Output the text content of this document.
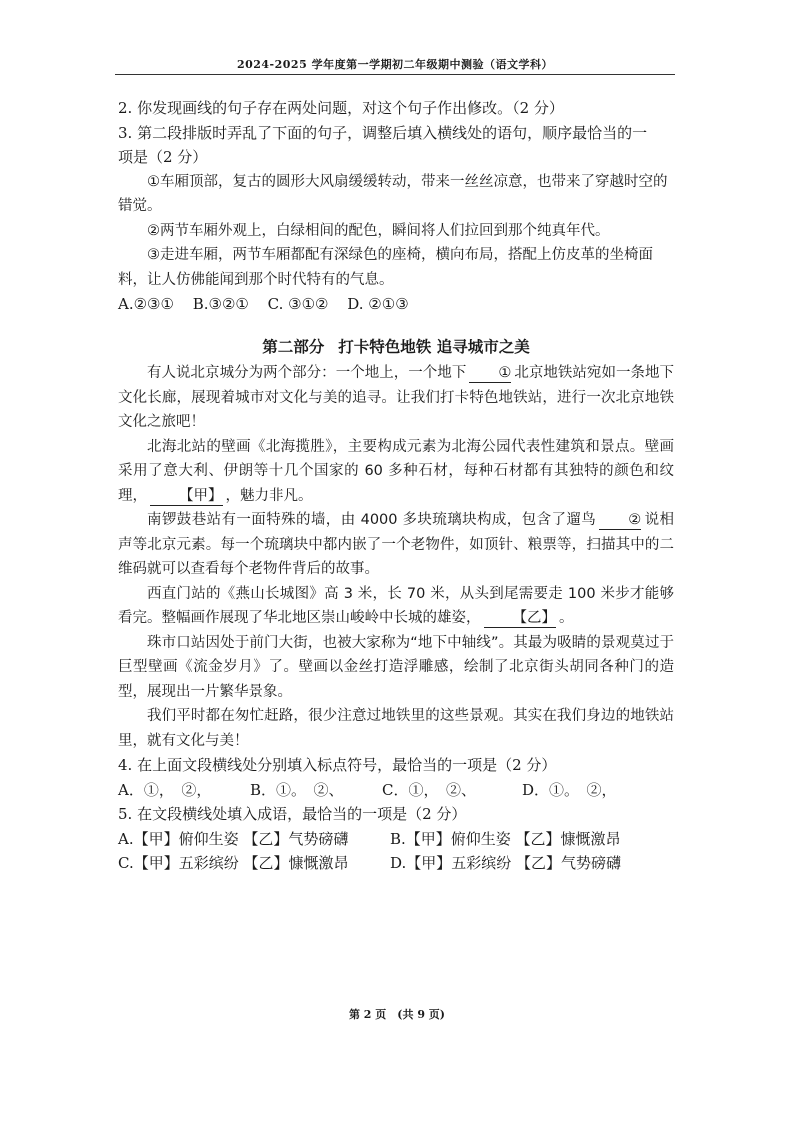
2024-2025 学年度第一学期初二年级期中测验（语文学科）

2. 你发现画线的句子存在两处问题，对这个句子作出修改。（2 分）

3. 第二段排版时弄乱了下面的句子，调整后填入横线处的语句，顺序最恰当的一

项是（2 分）

①车厢顶部，复古的圆形大风扇缓缓转动，带来一丝丝凉意，也带来了穿越时空的错觉。

②两节车厢外观上，白绿相间的配色，瞬间将人们拉回到那个纯真年代。

③走进车厢，两节车厢都配有深绿色的座椅，横向布局，搭配上仿皮革的坐椅面料，让人仿佛能闻到那个时代特有的气息。

A.②③① B.③②① C. ③①② D. ②①③

第二部分 打卡特色地铁 追寻城市之美

有人说北京城分为两个部分：一个地上，一个地下 ① 北京地铁站宛如一条地下文化长廊，展现着城市对文化与美的追寻。让我们打卡特色地铁站，进行一次北京地铁文化之旅吧！

北海北站的壁画《北海揽胜》，主要构成元素为北海公园代表性建筑和景点。壁画采用了意大利、伊朗等十几个国家的 60 多种石材，每种石材都有其独特的颜色和纹理， 【甲】 ，魅力非凡。

南锣鼓巷站有一面特殊的墙，由 4000 多块琉璃块构成，包含了遛鸟 ② 说相声等北京元素。每一个琉璃块中都内嵌了一个老物件，如顶针、粮票等，扫描其中的二维码就可以查看每个老物件背后的故事。

西直门站的《燕山长城图》高 3 米，长 70 米，从头到尾需要走 100 米步才能够看完。整幅画作展现了华北地区崇山峻岭中长城的雄姿， 【乙】 。

珠市口站因处于前门大街，也被大家称为“地下中轴线”。其最为吸睛的景观莫过于巨型壁画《流金岁月》了。壁画以金丝打造浮雕感，绘制了北京街头胡同各种门的造型，展现出一片繁华景象。

我们平时都在匆忙赶路，很少注意过地铁里的这些景观。其实在我们身边的地铁站里，就有文化与美！

4. 在上面文段横线处分别填入标点符号，最恰当的一项是（2 分）

A．①，　②，	B．①。　②、	C．①，　②、	D．①。　②，

5. 在文段横线处填入成语，最恰当的一项是（2 分）

A.【甲】俯仰生姿 【乙】气势磅礴	B.【甲】俯仰生姿 【乙】慷慨激昂
C.【甲】五彩缤纷 【乙】慷慨激昂	D.【甲】五彩缤纷 【乙】气势磅礴
第 2 页　(共 9 页)
